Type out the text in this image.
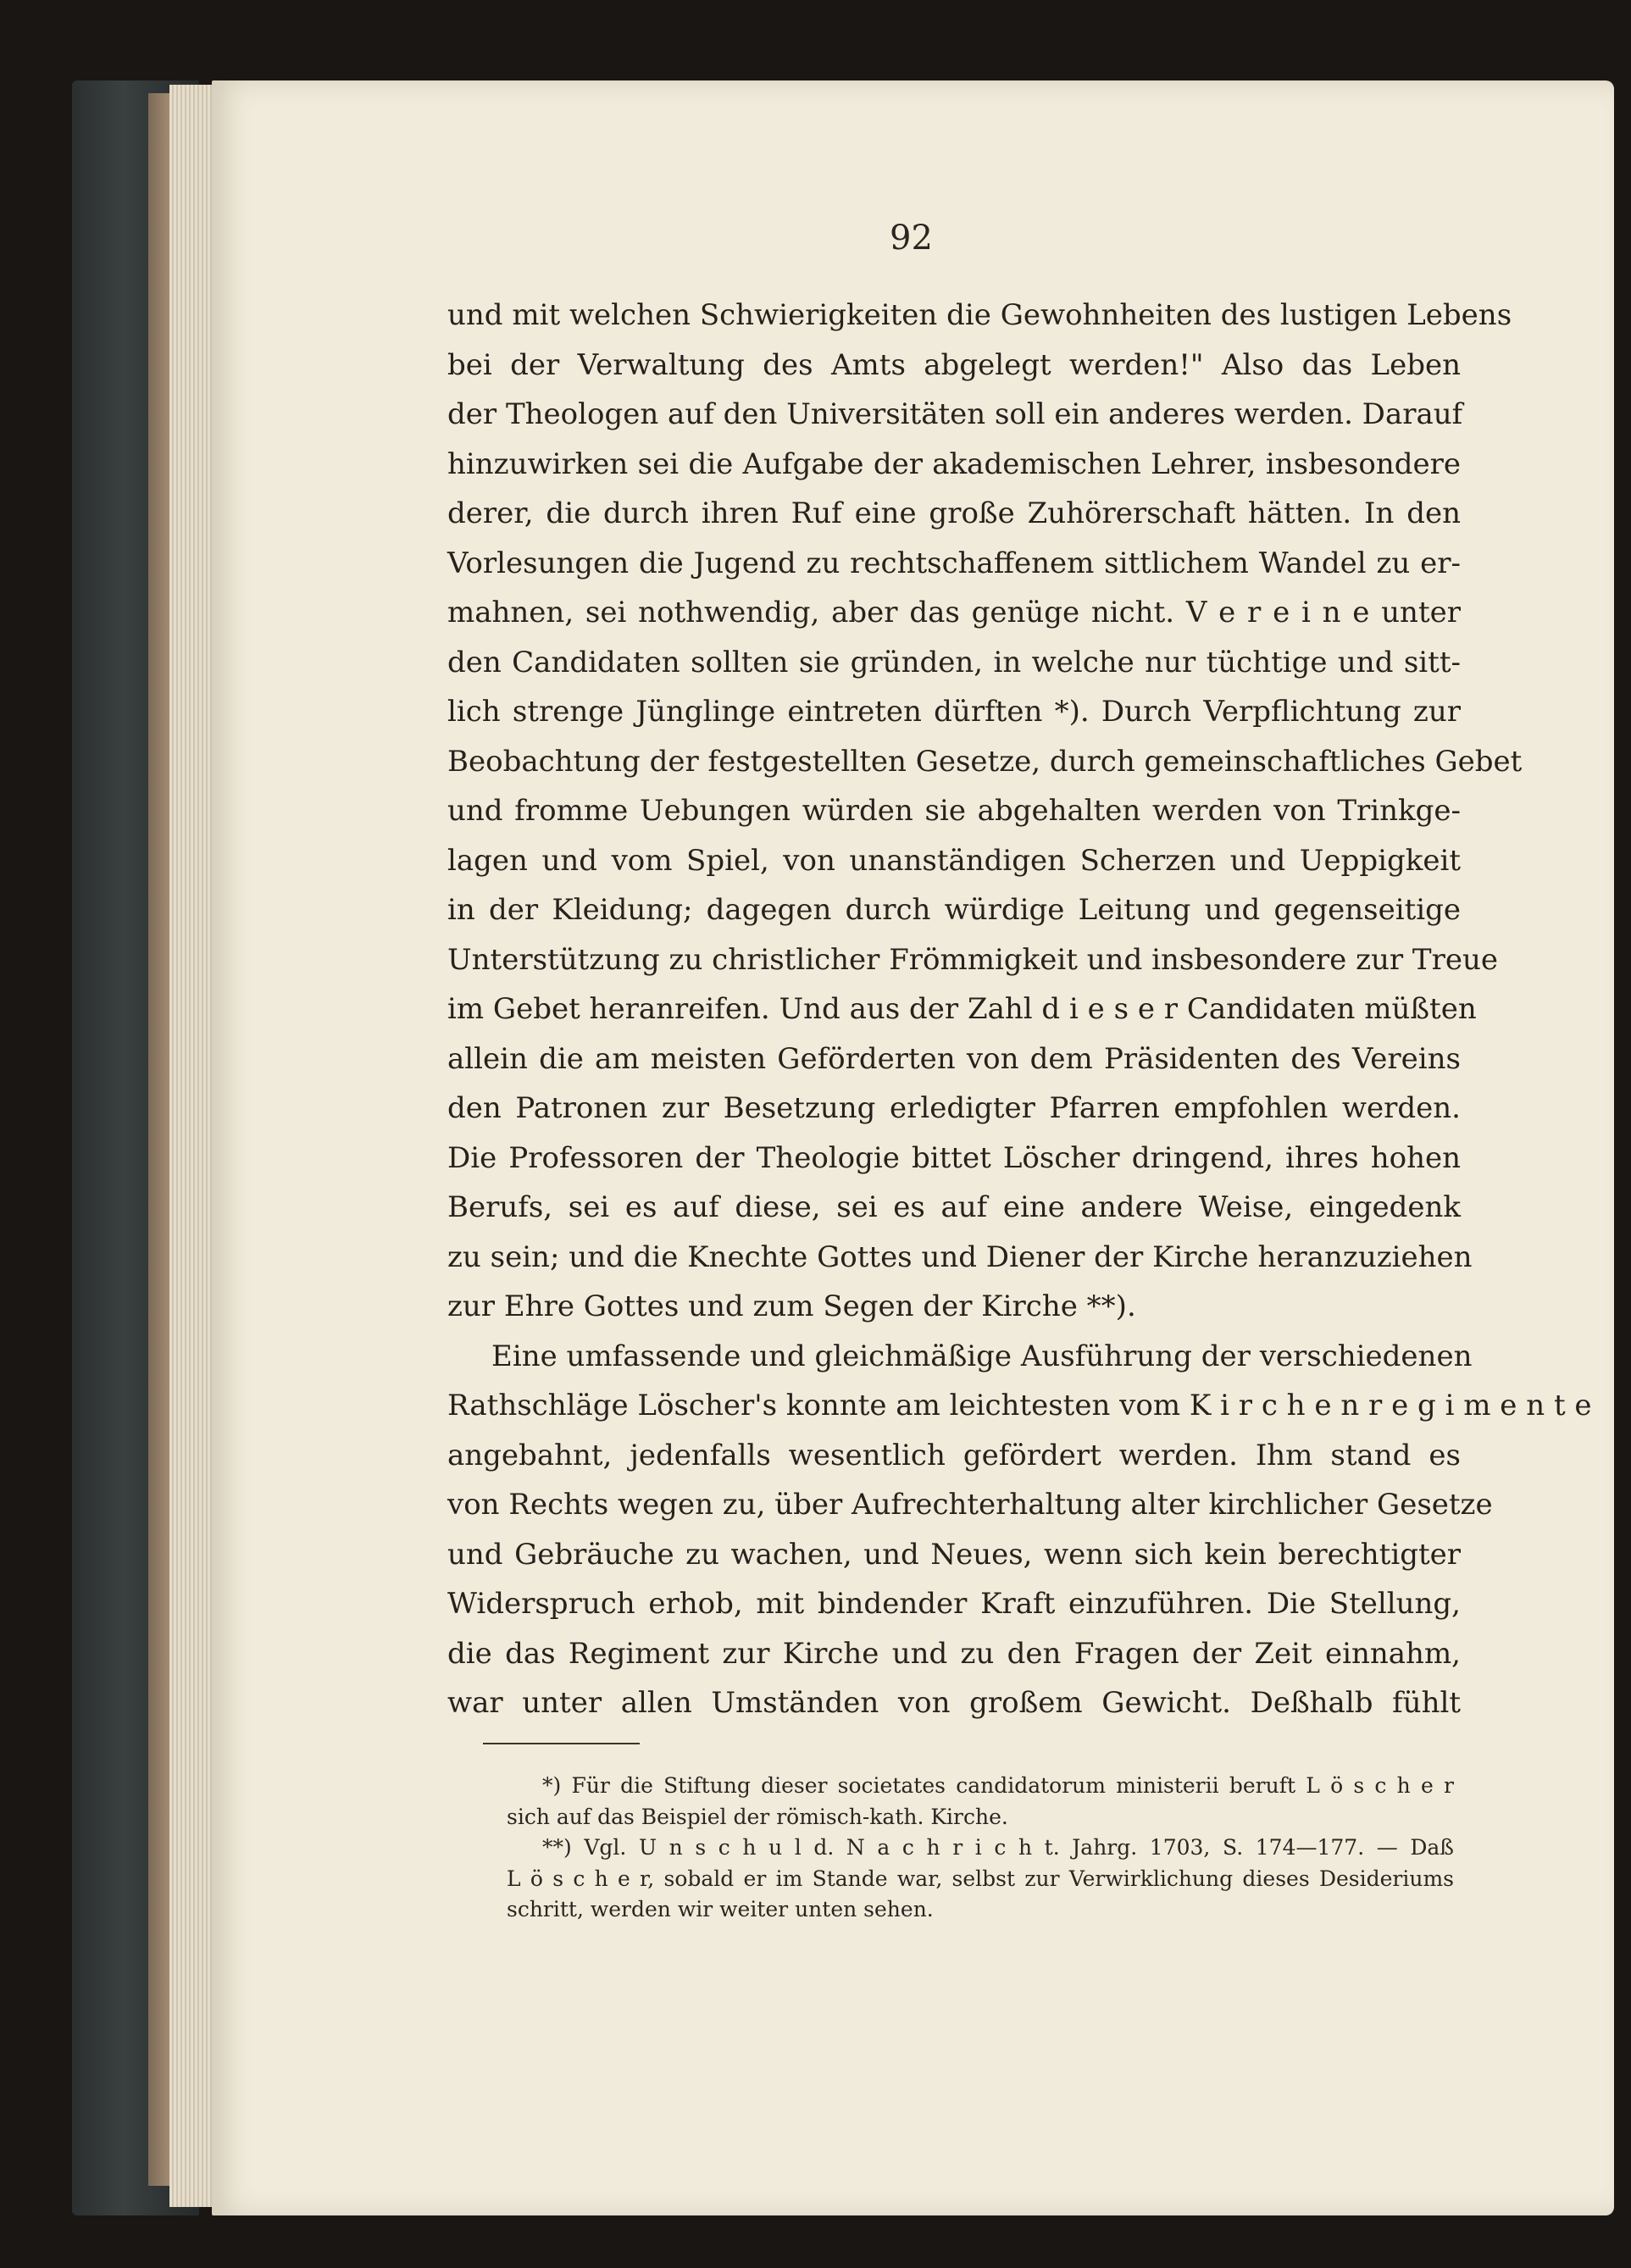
92

und mit welchen Schwierigkeiten die Gewohnheiten des lustigen Lebens
bei der Verwaltung des Amts abgelegt werden!" Also das Leben
der Theologen auf den Universitäten soll ein anderes werden. Darauf
hinzuwirken sei die Aufgabe der akademischen Lehrer, insbesondere
derer, die durch ihren Ruf eine große Zuhörerschaft hätten. In den
Vorlesungen die Jugend zu rechtschaffenem sittlichem Wandel zu er-
mahnen, sei nothwendig, aber das genüge nicht. V e r e i n e unter
den Candidaten sollten sie gründen, in welche nur tüchtige und sitt-
lich strenge Jünglinge eintreten dürften *). Durch Verpflichtung zur
Beobachtung der festgestellten Gesetze, durch gemeinschaftliches Gebet
und fromme Uebungen würden sie abgehalten werden von Trinkge-
lagen und vom Spiel, von unanständigen Scherzen und Ueppigkeit
in der Kleidung; dagegen durch würdige Leitung und gegenseitige
Unterstützung zu christlicher Frömmigkeit und insbesondere zur Treue
im Gebet heranreifen. Und aus der Zahl d i e s e r Candidaten müßten
allein die am meisten Geförderten von dem Präsidenten des Vereins
den Patronen zur Besetzung erledigter Pfarren empfohlen werden.
Die Professoren der Theologie bittet Löscher dringend, ihres hohen
Berufs, sei es auf diese, sei es auf eine andere Weise, eingedenk
zu sein; und die Knechte Gottes und Diener der Kirche heranzuziehen
zur Ehre Gottes und zum Segen der Kirche **).
Eine umfassende und gleichmäßige Ausführung der verschiedenen
Rathschläge Löscher's konnte am leichtesten vom K i r c h e n r e g i m e n t e
angebahnt, jedenfalls wesentlich gefördert werden. Ihm stand es
von Rechts wegen zu, über Aufrechterhaltung alter kirchlicher Gesetze
und Gebräuche zu wachen, und Neues, wenn sich kein berechtigter
Widerspruch erhob, mit bindender Kraft einzuführen. Die Stellung,
die das Regiment zur Kirche und zu den Fragen der Zeit einnahm,
war unter allen Umständen von großem Gewicht. Deßhalb fühlt
*) Für die Stiftung dieser societates candidatorum ministerii beruft L ö s c h e r
sich auf das Beispiel der römisch-kath. Kirche.
**) Vgl. U n s c h u l d. N a c h r i c h t. Jahrg. 1703, S. 174—177. — Daß
L ö s c h e r, sobald er im Stande war, selbst zur Verwirklichung dieses Desideriums
schritt, werden wir weiter unten sehen.
